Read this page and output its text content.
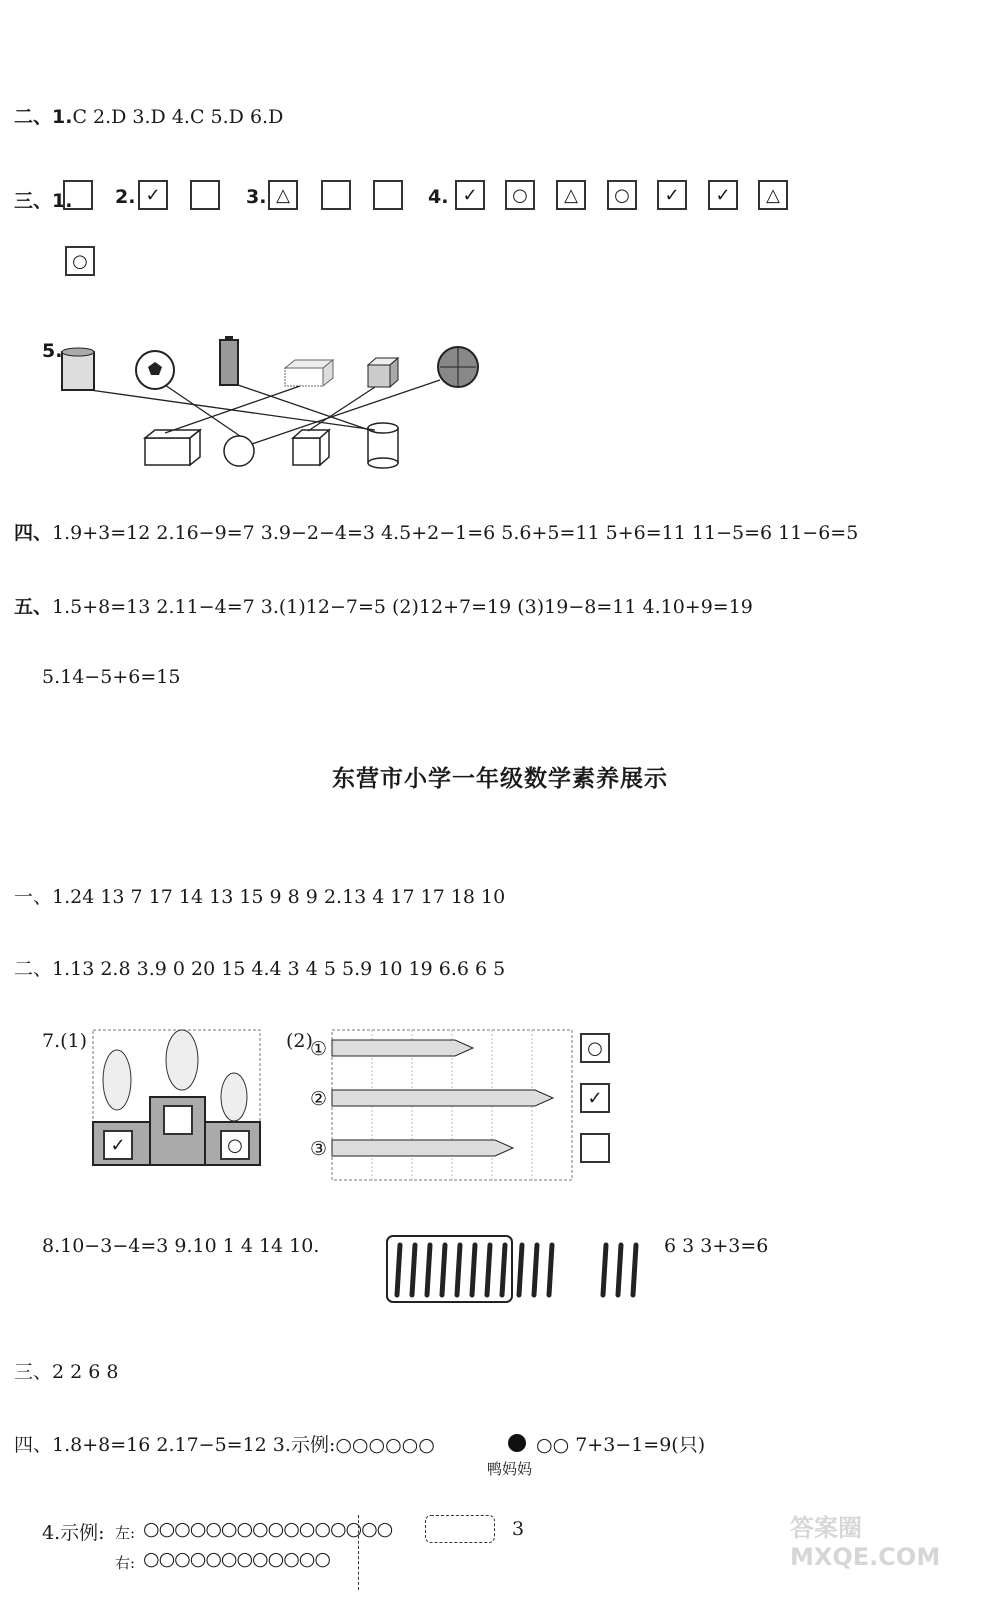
二、1.C 2.D 3.D 4.C 5.D 6.D
三、1. 2. ✓	3. △	4. ✓	○	△	○	✓	✓	△
○
5.
四、1.9+3=12 2.16−9=7 3.9−2−4=3 4.5+2−1=6 5.6+5=11 5+6=11 11−5=6 11−6=5
五、1.5+8=13 2.11−4=7 3.(1)12−7=5 (2)12+7=19 (3)19−8=11 4.10+9=19
5.14−5+6=15
东营市小学一年级数学素养展示
一、1.24 13 7 17 14 13 15 9 8 9 2.13 4 17 17 18 10
二、1.13 2.8 3.9 0 20 15 4.4 3 4 5 5.9 10 19 6.6 6 5
7.(1)	(2)
✓	○
①
②
③
○
✓
8.10−3−4=3 9.10 1 4 14 10.	6 3 3+3=6
三、2 2 6 8
四、1.8+8=16 2.17−5=12 3.示例:○○○○○○	○○ 7+3−1=9(只)
鸭妈妈
4.示例: 左: ○○○○○○○○○○○○○○○○	3
右: ○○○○○○○○○○○○
答案圈 MXQE.COM
